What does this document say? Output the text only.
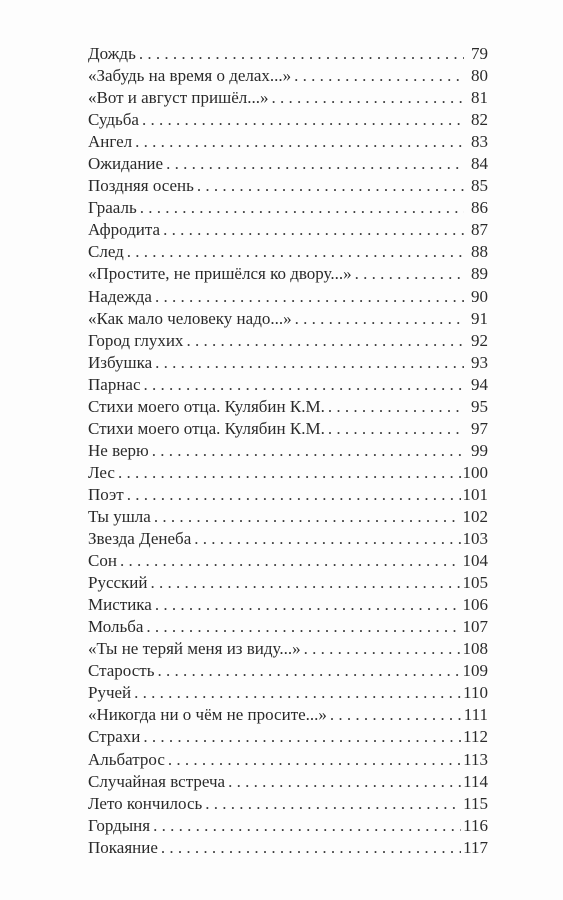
Дождь . . .	79
«Забудь на время о делах...» . . .	80
«Вот и август пришёл...» . . .	81
Судьба . . .	82
Ангел . . .	83
Ожидание . . .	84
Поздняя осень . . .	85
Грааль . . .	86
Афродита . . .	87
След . . .	88
«Простите, не пришёлся ко двору...» . . .	89
Надежда . . .	90
«Как мало человеку надо...» . . .	91
Город глухих . . .	92
Избушка . . .	93
Парнас . . .	94
Стихи моего отца. Кулябин К.М. . . .	95
Стихи моего отца. Кулябин К.М. . . .	97
Не верю . . .	99
Лес . . .	100
Поэт . . .	101
Ты ушла . . .	102
Звезда Денеба . . .	103
Сон . . .	104
Русский . . .	105
Мистика . . .	106
Мольба . . .	107
«Ты не теряй меня из виду...» . . .	108
Старость . . .	109
Ручей . . .	110
«Никогда ни о чём не просите...» . . .	111
Страхи . . .	112
Альбатрос . . .	113
Случайная встреча . . .	114
Лето кончилось . . .	115
Гордыня . . .	116
Покаяние . . .	117
